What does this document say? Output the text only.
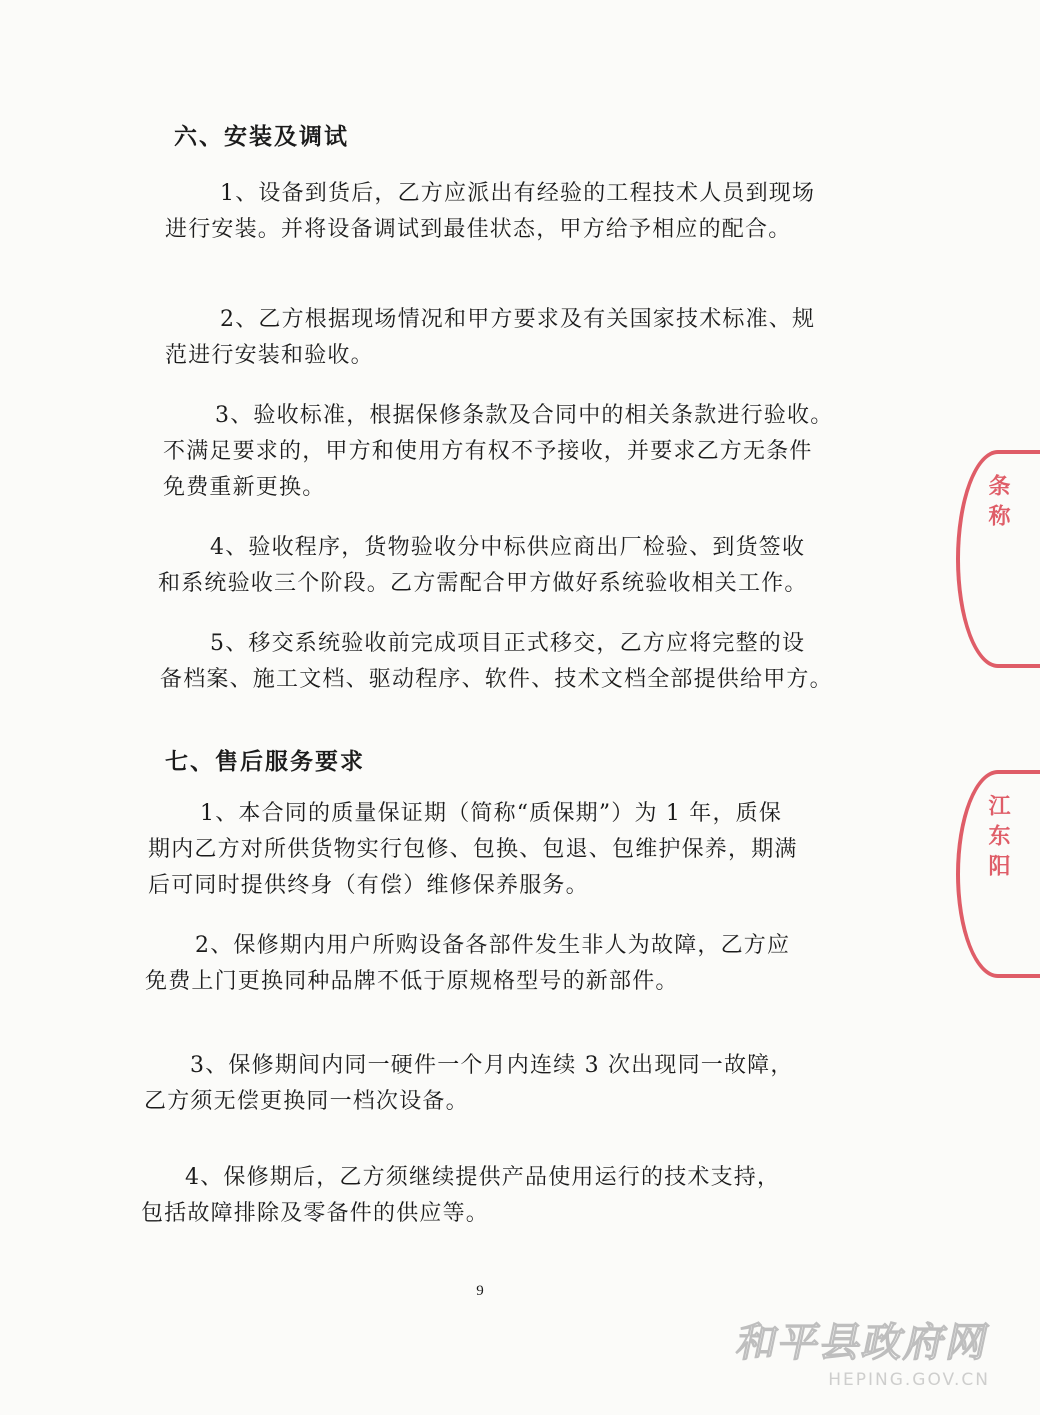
六、安装及调试
1、设备到货后，乙方应派出有经验的工程技术人员到现场
进行安装。并将设备调试到最佳状态，甲方给予相应的配合。
2、乙方根据现场情况和甲方要求及有关国家技术标准、规
范进行安装和验收。
3、验收标准，根据保修条款及合同中的相关条款进行验收。
不满足要求的，甲方和使用方有权不予接收，并要求乙方无条件
免费重新更换。
4、验收程序，货物验收分中标供应商出厂检验、到货签收
和系统验收三个阶段。乙方需配合甲方做好系统验收相关工作。
5、移交系统验收前完成项目正式移交，乙方应将完整的设
备档案、施工文档、驱动程序、软件、技术文档全部提供给甲方。
七、售后服务要求
1、本合同的质量保证期（简称“质保期”）为 1 年，质保
期内乙方对所供货物实行包修、包换、包退、包维护保养，期满
后可同时提供终身（有偿）维修保养服务。
2、保修期内用户所购设备各部件发生非人为故障，乙方应
免费上门更换同种品牌不低于原规格型号的新部件。
3、保修期间内同一硬件一个月内连续 3 次出现同一故障，
乙方须无偿更换同一档次设备。
4、保修期后，乙方须继续提供产品使用运行的技术支持，
包括故障排除及零备件的供应等。
9
条称
江东阳
和平县政府网
HEPING.GOV.CN
